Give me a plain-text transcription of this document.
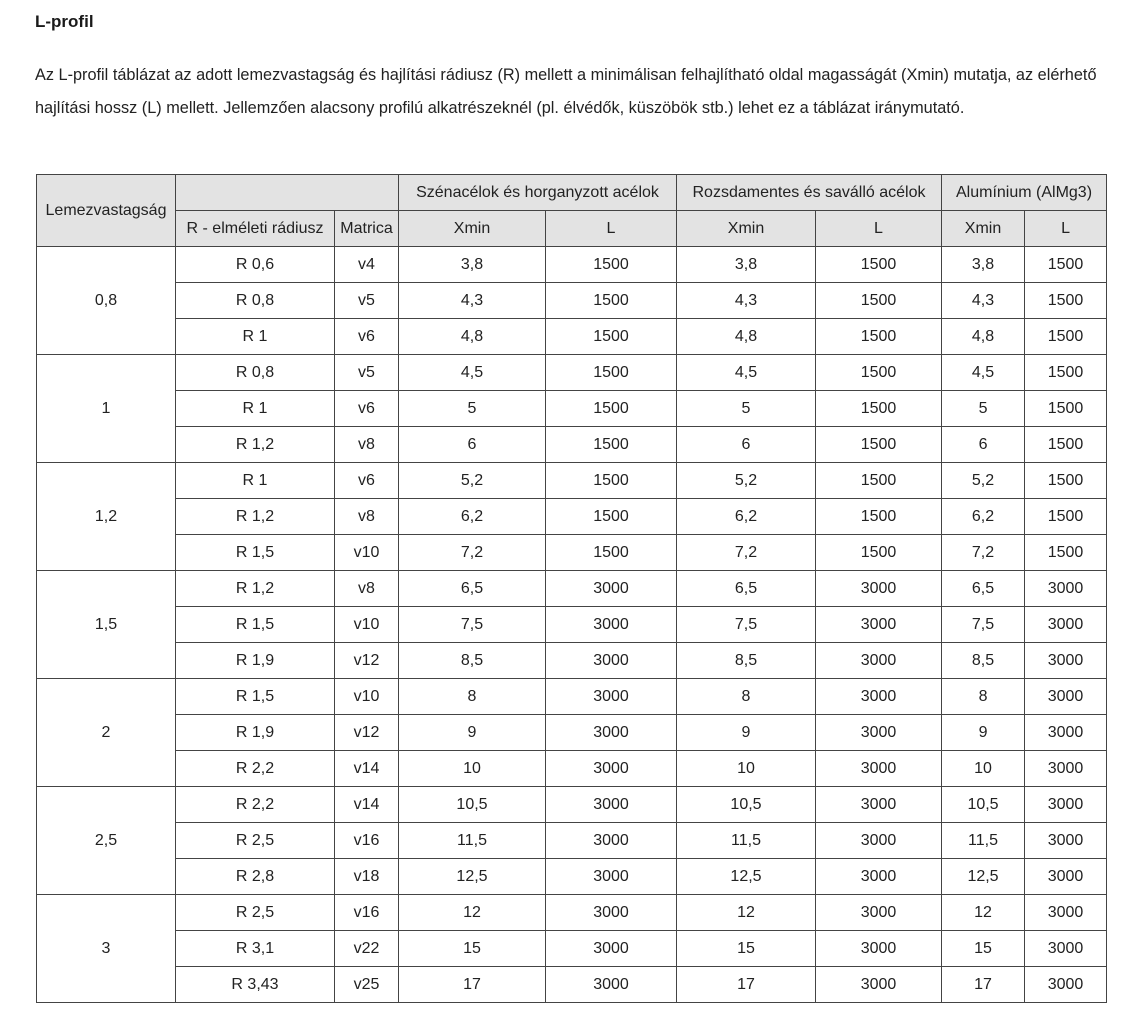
L-profil

Az L-profil táblázat az adott lemezvastagság és hajlítási rádiusz (R) mellett a minimálisan felhajlítható oldal magasságát (Xmin) mutatja, az elérhető hajlítási hossz (L) mellett. Jellemzően alacsony profilú alkatrészeknél (pl. élvédők, küszöbök stb.) lehet ez a táblázat iránymutató.

Lemezvastagság			Szénacélok és horganyzott acélok		Rozsdamentes és saválló acélok		Alumínium (AlMg3)	
	R - elméleti rádiusz	Matrica	Xmin	L	Xmin	L	Xmin	L
0,8	R 0,6	v4	3,8	1500	3,8	1500	3,8	1500
	R 0,8	v5	4,3	1500	4,3	1500	4,3	1500
	R 1	v6	4,8	1500	4,8	1500	4,8	1500
1	R 0,8	v5	4,5	1500	4,5	1500	4,5	1500
	R 1	v6	5	1500	5	1500	5	1500
	R 1,2	v8	6	1500	6	1500	6	1500
1,2	R 1	v6	5,2	1500	5,2	1500	5,2	1500
	R 1,2	v8	6,2	1500	6,2	1500	6,2	1500
	R 1,5	v10	7,2	1500	7,2	1500	7,2	1500
1,5	R 1,2	v8	6,5	3000	6,5	3000	6,5	3000
	R 1,5	v10	7,5	3000	7,5	3000	7,5	3000
	R 1,9	v12	8,5	3000	8,5	3000	8,5	3000
2	R 1,5	v10	8	3000	8	3000	8	3000
	R 1,9	v12	9	3000	9	3000	9	3000
	R 2,2	v14	10	3000	10	3000	10	3000
2,5	R 2,2	v14	10,5	3000	10,5	3000	10,5	3000
	R 2,5	v16	11,5	3000	11,5	3000	11,5	3000
	R 2,8	v18	12,5	3000	12,5	3000	12,5	3000
3	R 2,5	v16	12	3000	12	3000	12	3000
	R 3,1	v22	15	3000	15	3000	15	3000
	R 3,43	v25	17	3000	17	3000	17	3000
